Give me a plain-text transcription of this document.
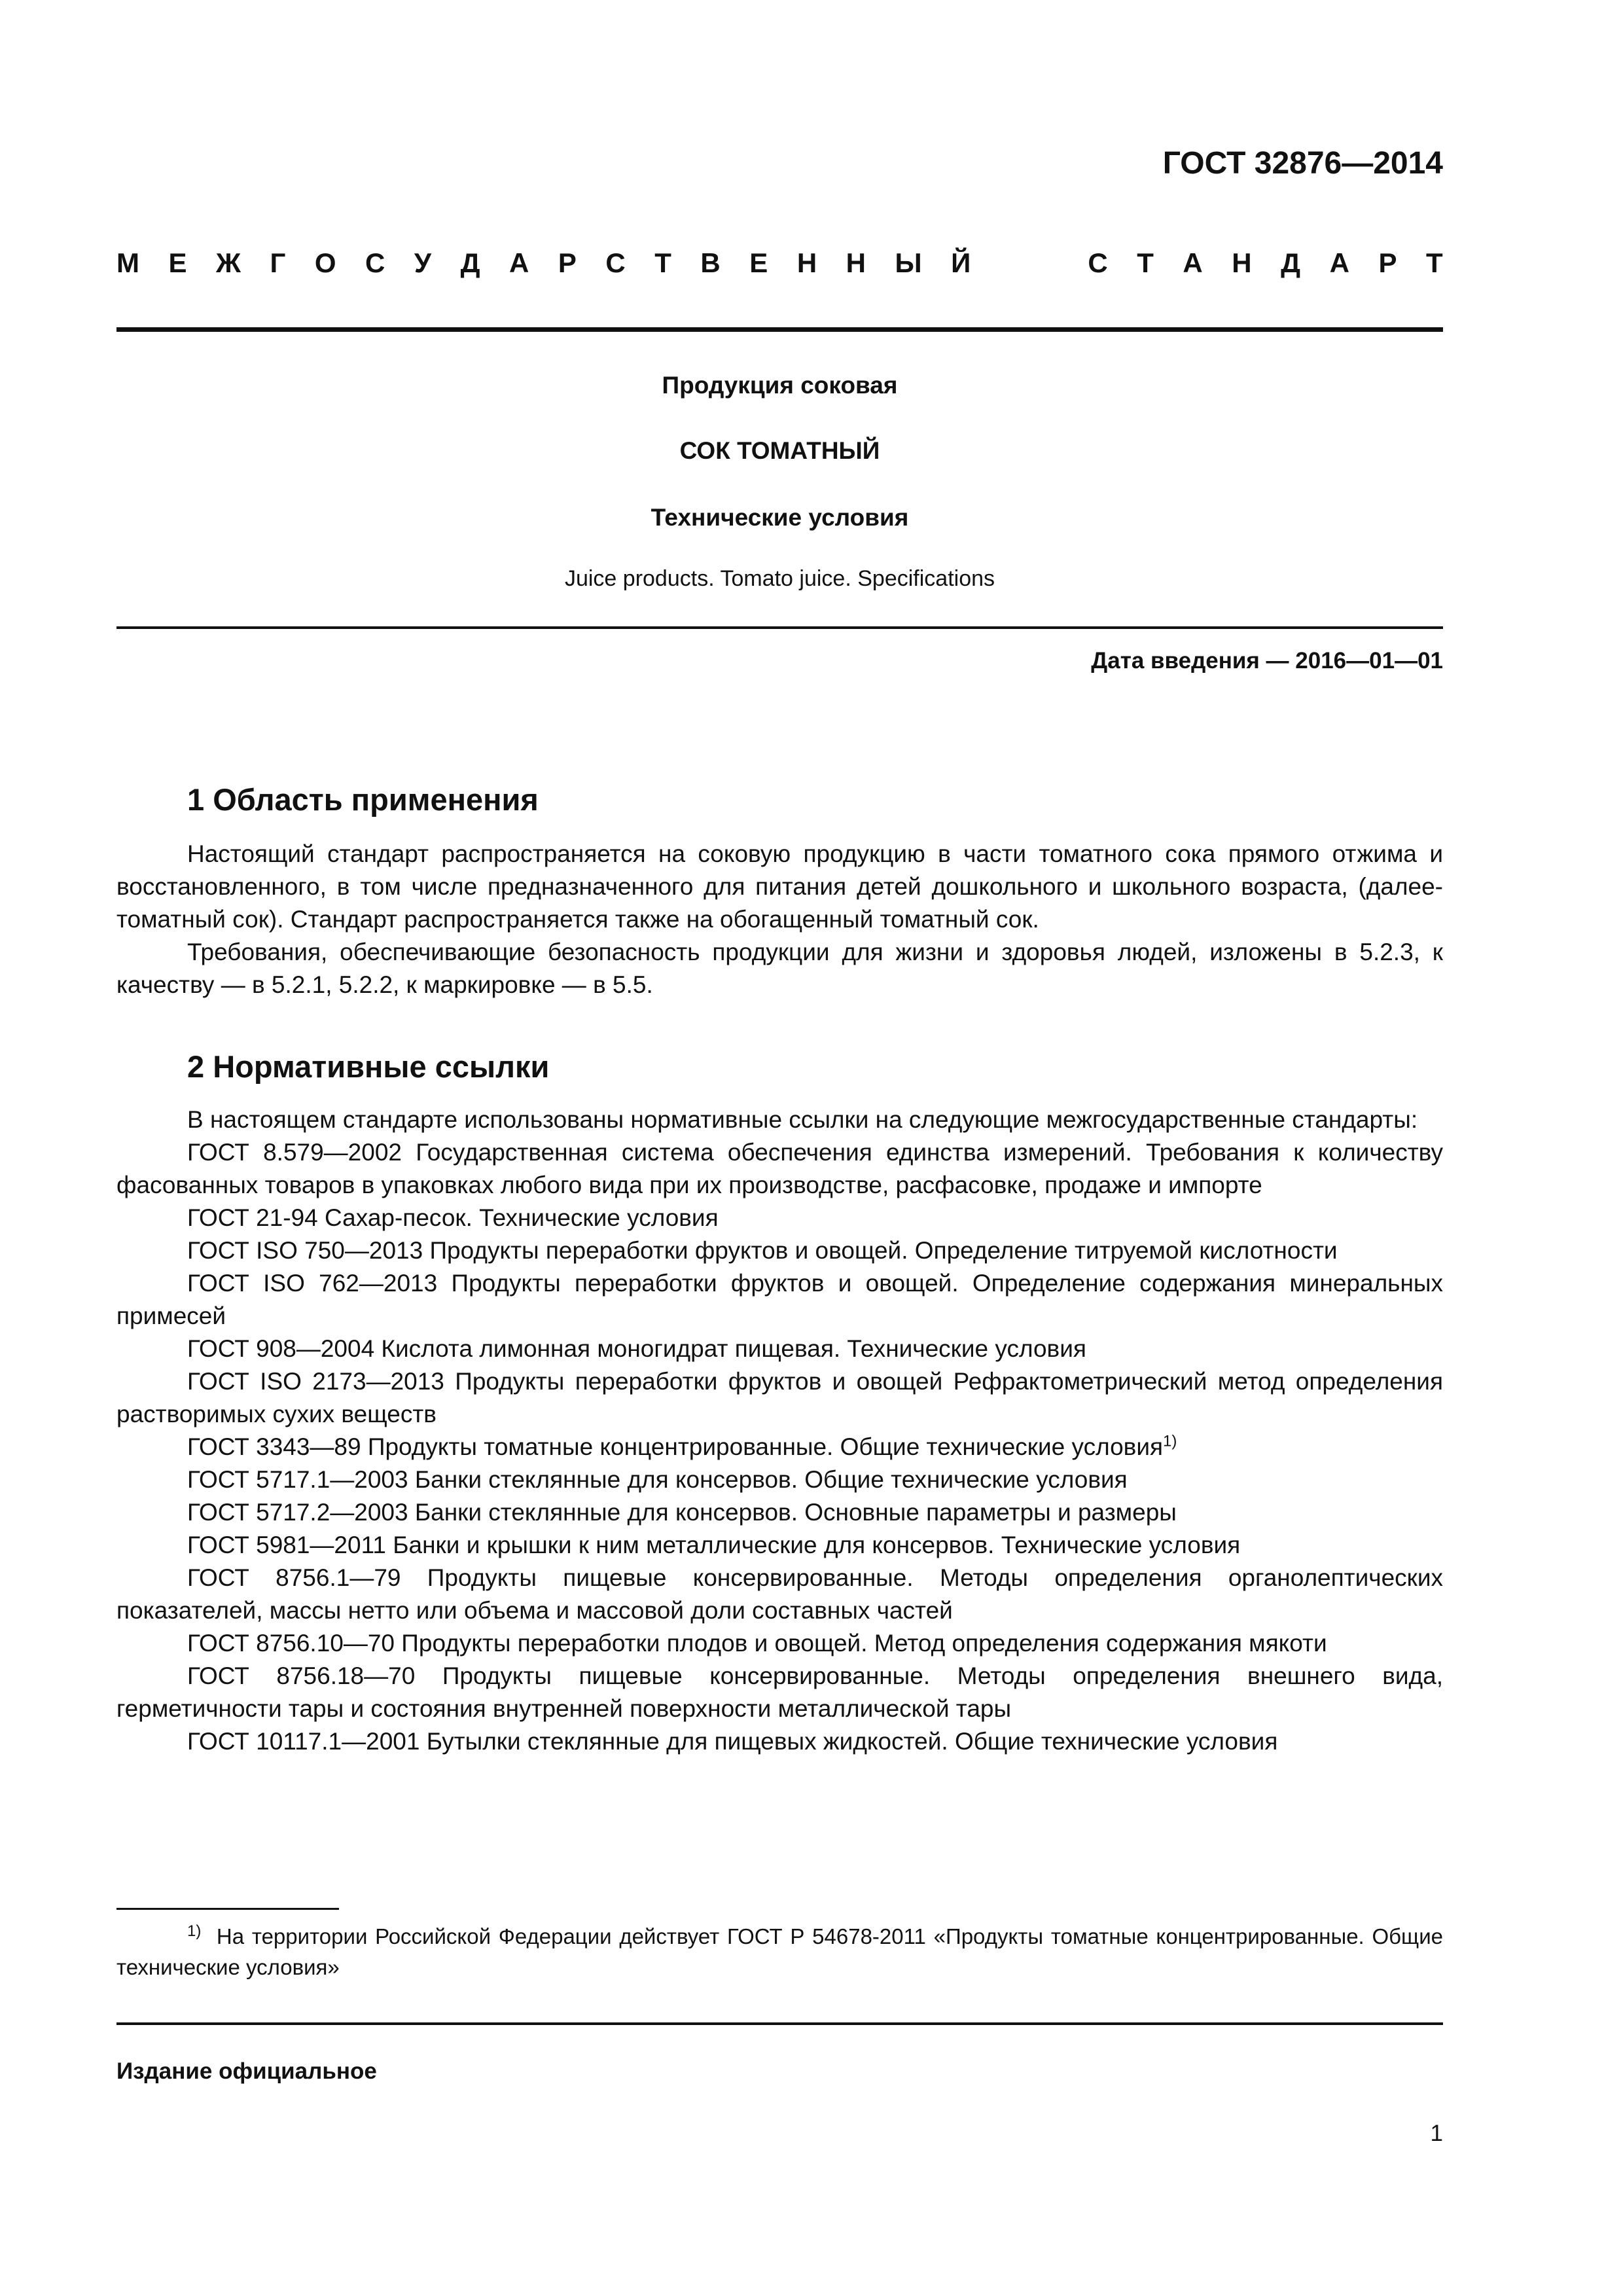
ГОСТ 32876—2014
М Е Ж Г О С У Д А Р С Т В Е Н Н Ы Й	С Т А Н Д А Р Т
Продукция соковая
СОК ТОМАТНЫЙ
Технические условия
Juice products. Tomato juice. Specifications
Дата введения — 2016—01—01
1 Область применения

Настоящий стандарт распространяется на соковую продукцию в части томатного сока прямого отжима и восстановленного, в том числе предназначенного для питания детей дошкольного и школьного возраста, (далее-томатный сок). Стандарт распространяется также на обогащенный томатный сок.

Требования, обеспечивающие безопасность продукции для жизни и здоровья людей, изложены в 5.2.3, к качеству — в 5.2.1, 5.2.2, к маркировке — в 5.5.

2 Нормативные ссылки

В настоящем стандарте использованы нормативные ссылки на следующие межгосударственные стандарты:

ГОСТ 8.579—2002 Государственная система обеспечения единства измерений. Требования к количеству фасованных товаров в упаковках любого вида при их производстве, расфасовке, продаже и импорте

ГОСТ 21-94 Сахар-песок. Технические условия

ГОСТ ISO 750—2013 Продукты переработки фруктов и овощей. Определение титруемой кислотности

ГОСТ ISO 762—2013 Продукты переработки фруктов и овощей. Определение содержания минеральных примесей

ГОСТ 908—2004 Кислота лимонная моногидрат пищевая. Технические условия

ГОСТ ISO 2173—2013 Продукты переработки фруктов и овощей Рефрактометрический метод определения растворимых сухих веществ

ГОСТ 3343—89 Продукты томатные концентрированные. Общие технические условия$^{1)}$

ГОСТ 5717.1—2003 Банки стеклянные для консервов. Общие технические условия

ГОСТ 5717.2—2003 Банки стеклянные для консервов. Основные параметры и размеры

ГОСТ 5981—2011 Банки и крышки к ним металлические для консервов. Технические условия

ГОСТ 8756.1—79 Продукты пищевые консервированные. Методы определения органолептических показателей, массы нетто или объема и массовой доли составных частей

ГОСТ 8756.10—70 Продукты переработки плодов и овощей. Метод определения содержания мякоти

ГОСТ 8756.18—70 Продукты пищевые консервированные. Методы определения внешнего вида, герметичности тары и состояния внутренней поверхности металлической тары

ГОСТ 10117.1—2001 Бутылки стеклянные для пищевых жидкостей. Общие технические условия

$^{1)}$ На территории Российской Федерации действует ГОСТ Р 54678-2011 «Продукты томатные концентрированные. Общие технические условия»

Издание официальное
1
